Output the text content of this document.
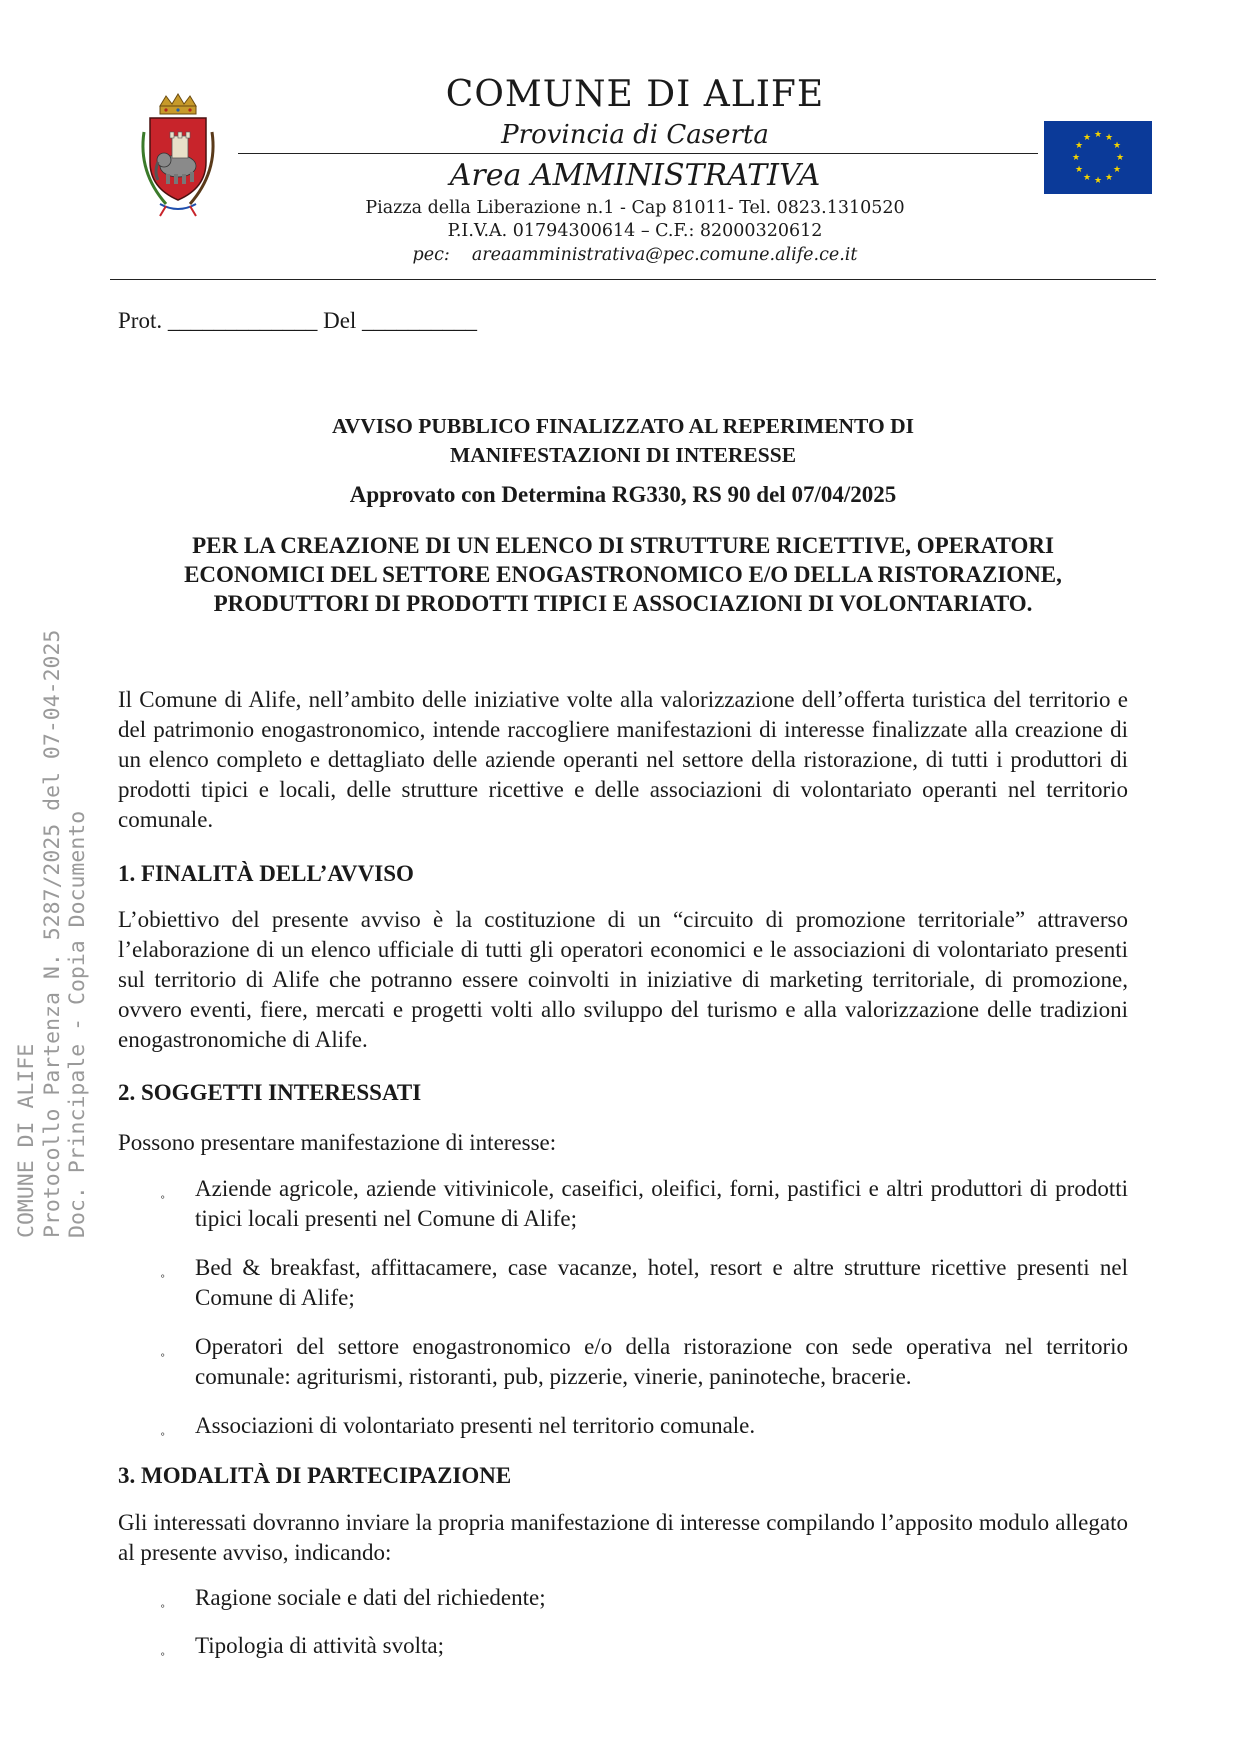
COMUNE DI ALIFE
Provincia di Caserta
Area AMMINISTRATIVA
Piazza della Liberazione n.1 - Cap 81011- Tel. 0823.1310520
P.I.V.A. 01794300614 – C.F.: 82000320612
pec: areaamministrativa@pec.comune.alife.ce.it
★ ★
★
★
★
★
★
★
★
★
★
★
Prot. _____________ Del __________
AVVISO PUBBLICO FINALIZZATO AL REPERIMENTO DI
MANIFESTAZIONI DI INTERESSE
Approvato con Determina RG330, RS 90 del 07/04/2025
PER LA CREAZIONE DI UN ELENCO DI STRUTTURE RICETTIVE, OPERATORI
ECONOMICI DEL SETTORE ENOGASTRONOMICO E/O DELLA RISTORAZIONE,
PRODUTTORI DI PRODOTTI TIPICI E ASSOCIAZIONI DI VOLONTARIATO.
Il Comune di Alife, nell’ambito delle iniziative volte alla valorizzazione dell’offerta turistica del territorio e del patrimonio enogastronomico, intende raccogliere manifestazioni di interesse finalizzate alla creazione di un elenco completo e dettagliato delle aziende operanti nel settore della ristorazione, di tutti i produttori di prodotti tipici e locali, delle strutture ricettive e delle associazioni di volontariato operanti nel territorio comunale.
1. FINALITÀ DELL’AVVISO
L’obiettivo del presente avviso è la costituzione di un “circuito di promozione territoriale” attraverso l’elaborazione di un elenco ufficiale di tutti gli operatori economici e le associazioni di volontariato presenti sul territorio di Alife che potranno essere coinvolti in iniziative di marketing territoriale, di promozione, ovvero eventi, fiere, mercati e progetti volti allo sviluppo del turismo e alla valorizzazione delle tradizioni enogastronomiche di Alife.
2. SOGGETTI INTERESSATI
Possono presentare manifestazione di interesse:
˳ Aziende agricole, aziende vitivinicole, caseifici, oleifici, forni, pastifici e altri produttori di prodotti tipici locali presenti nel Comune di Alife;
˳ Bed & breakfast, affittacamere, case vacanze, hotel, resort e altre strutture ricettive presenti nel Comune di Alife;
˳ Operatori del settore enogastronomico e/o della ristorazione con sede operativa nel territorio comunale: agriturismi, ristoranti, pub, pizzerie, vinerie, paninoteche, bracerie.
˳ Associazioni di volontariato presenti nel territorio comunale.
3. MODALITÀ DI PARTECIPAZIONE
Gli interessati dovranno inviare la propria manifestazione di interesse compilando l’apposito modulo allegato al presente avviso, indicando:
˳ Ragione sociale e dati del richiedente;
˳ Tipologia di attività svolta;
COMUNE DI ALIFE Protocollo Partenza N. 5287/2025 del 07-04-2025 Doc. Principale - Copia Documento
